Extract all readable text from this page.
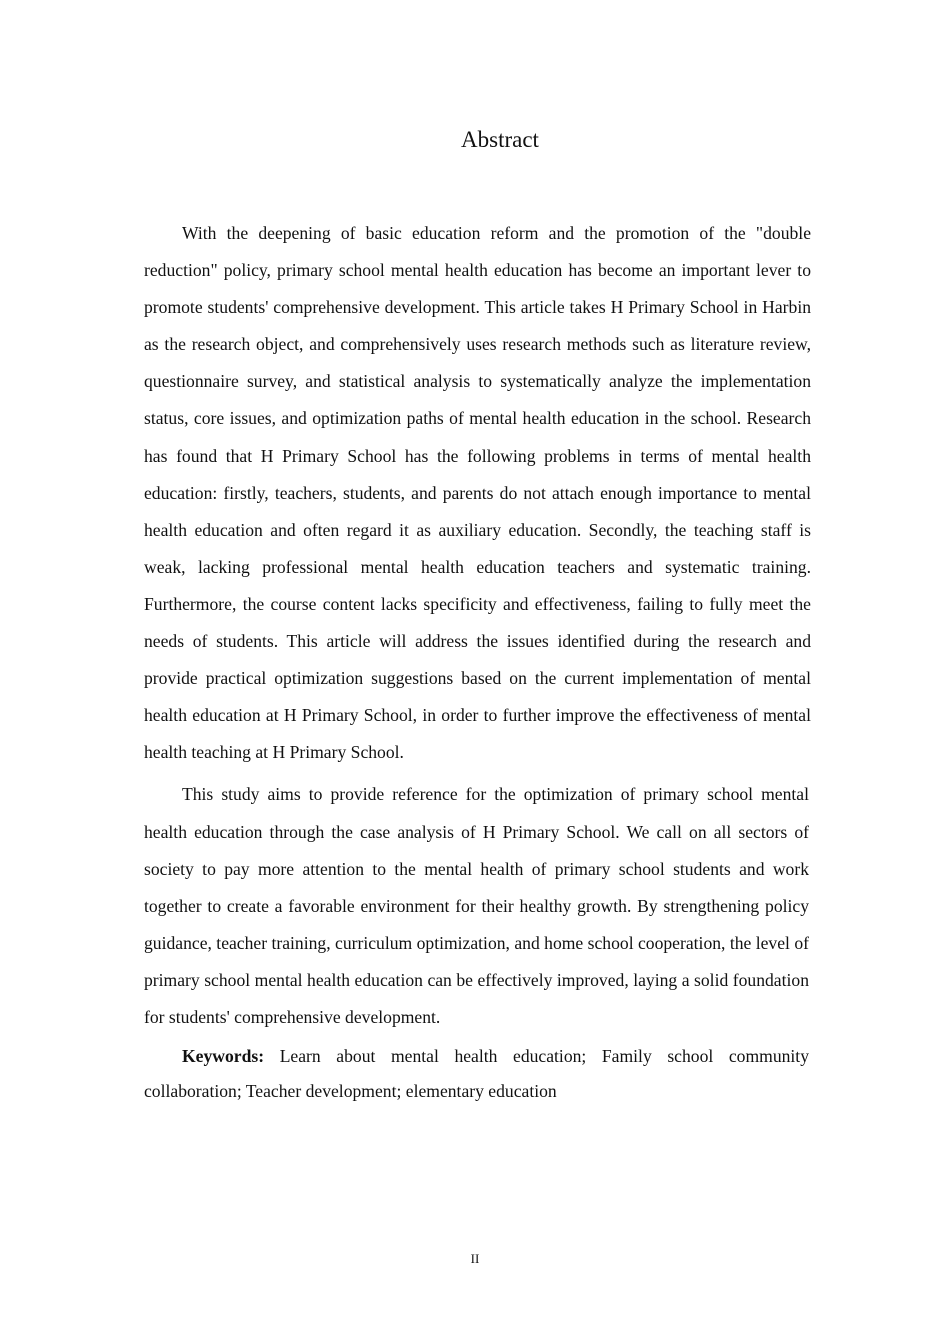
Abstract

With the deepening of basic education reform and the promotion of the "double reduction" policy, primary school mental health education has become an important lever to promote students' comprehensive development. This article takes H Primary School in Harbin as the research object, and comprehensively uses research methods such as literature review, questionnaire survey, and statistical analysis to systematically analyze the implementation status, core issues, and optimization paths of mental health education in the school. Research has found that H Primary School has the following problems in terms of mental health education: firstly, teachers, students, and parents do not attach enough importance to mental health education and often regard it as auxiliary education. Secondly, the teaching staff is weak, lacking professional mental health education teachers and systematic training. Furthermore, the course content lacks specificity and effectiveness, failing to fully meet the needs of students. This article will address the issues identified during the research and provide practical optimization suggestions based on the current implementation of mental health education at H Primary School, in order to further improve the effectiveness of mental health teaching at H Primary School.

This study aims to provide reference for the optimization of primary school mental health education through the case analysis of H Primary School. We call on all sectors of society to pay more attention to the mental health of primary school students and work together to create a favorable environment for their healthy growth. By strengthening policy guidance, teacher training, curriculum optimization, and home school cooperation, the level of primary school mental health education can be effectively improved, laying a solid foundation for students' comprehensive development.

Keywords: Learn about mental health education; Family school community collaboration; Teacher development; elementary education

II
